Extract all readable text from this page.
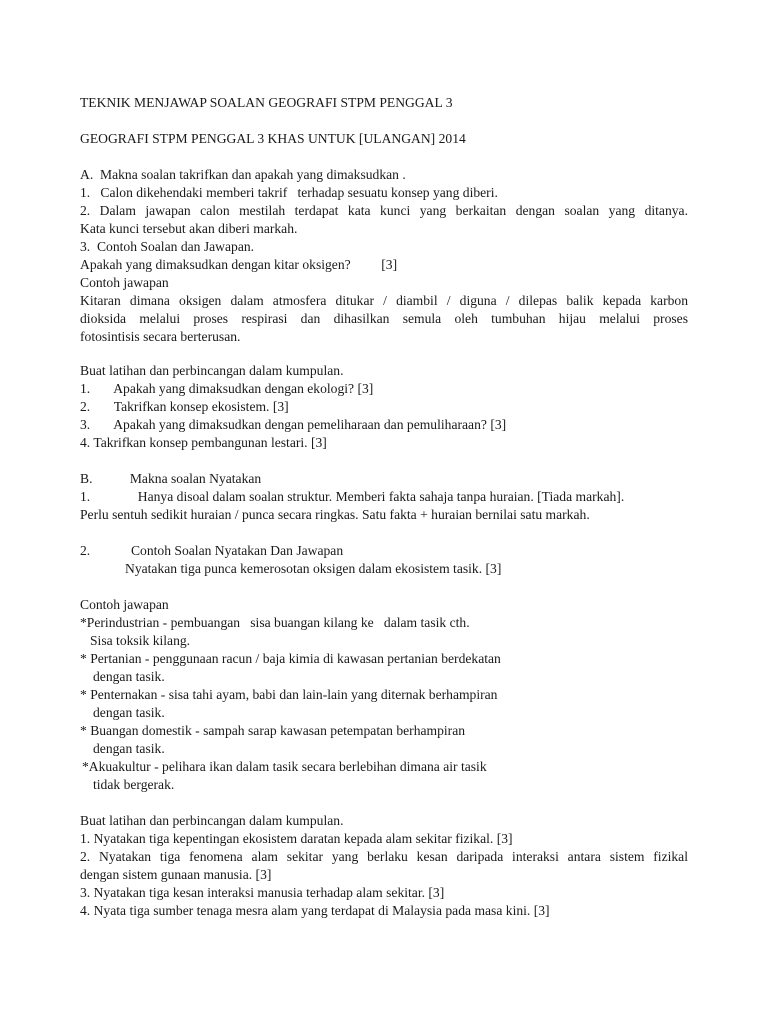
TEKNIK MENJAWAP SOALAN GEOGRAFI STPM PENGGAL 3
GEOGRAFI STPM PENGGAL 3 KHAS UNTUK [ULANGAN] 2014
A.  Makna soalan takrifkan dan apakah yang dimaksudkan .
1.   Calon dikehendaki memberi takrif   terhadap sesuatu konsep yang diberi.
2. Dalam jawapan calon mestilah terdapat kata kunci yang berkaitan dengan soalan yang ditanya.
Kata kunci tersebut akan diberi markah.
3.  Contoh Soalan dan Jawapan.
Apakah yang dimaksudkan dengan kitar oksigen?         [3]
Contoh jawapan
Kitaran dimana oksigen dalam atmosfera ditukar / diambil / diguna / dilepas balik kepada karbon
dioksida melalui proses respirasi dan dihasilkan semula oleh tumbuhan hijau melalui proses
fotosintisis secara berterusan.
Buat latihan dan perbincangan dalam kumpulan.
1.       Apakah yang dimaksudkan dengan ekologi? [3]
2.       Takrifkan konsep ekosistem. [3]
3.       Apakah yang dimaksudkan dengan pemeliharaan dan pemuliharaan? [3]
4. Takrifkan konsep pembangunan lestari. [3]
B.           Makna soalan Nyatakan
1.              Hanya disoal dalam soalan struktur. Memberi fakta sahaja tanpa huraian. [Tiada markah].
Perlu sentuh sedikit huraian / punca secara ringkas. Satu fakta + huraian bernilai satu markah.
2.            Contoh Soalan Nyatakan Dan Jawapan
Nyatakan tiga punca kemerosotan oksigen dalam ekosistem tasik. [3]
Contoh jawapan
*Perindustrian - pembuangan   sisa buangan kilang ke   dalam tasik cth.
Sisa toksik kilang.
* Pertanian - penggunaan racun / baja kimia di kawasan pertanian berdekatan
dengan tasik.
* Penternakan - sisa tahi ayam, babi dan lain-lain yang diternak berhampiran
dengan tasik.
* Buangan domestik - sampah sarap kawasan petempatan berhampiran
dengan tasik.
*Akuakultur - pelihara ikan dalam tasik secara berlebihan dimana air tasik
tidak bergerak.
Buat latihan dan perbincangan dalam kumpulan.
1. Nyatakan tiga kepentingan ekosistem daratan kepada alam sekitar fizikal. [3]
2. Nyatakan tiga fenomena alam sekitar yang berlaku kesan daripada interaksi antara sistem fizikal
dengan sistem gunaan manusia. [3]
3. Nyatakan tiga kesan interaksi manusia terhadap alam sekitar. [3]
4. Nyata tiga sumber tenaga mesra alam yang terdapat di Malaysia pada masa kini. [3]
